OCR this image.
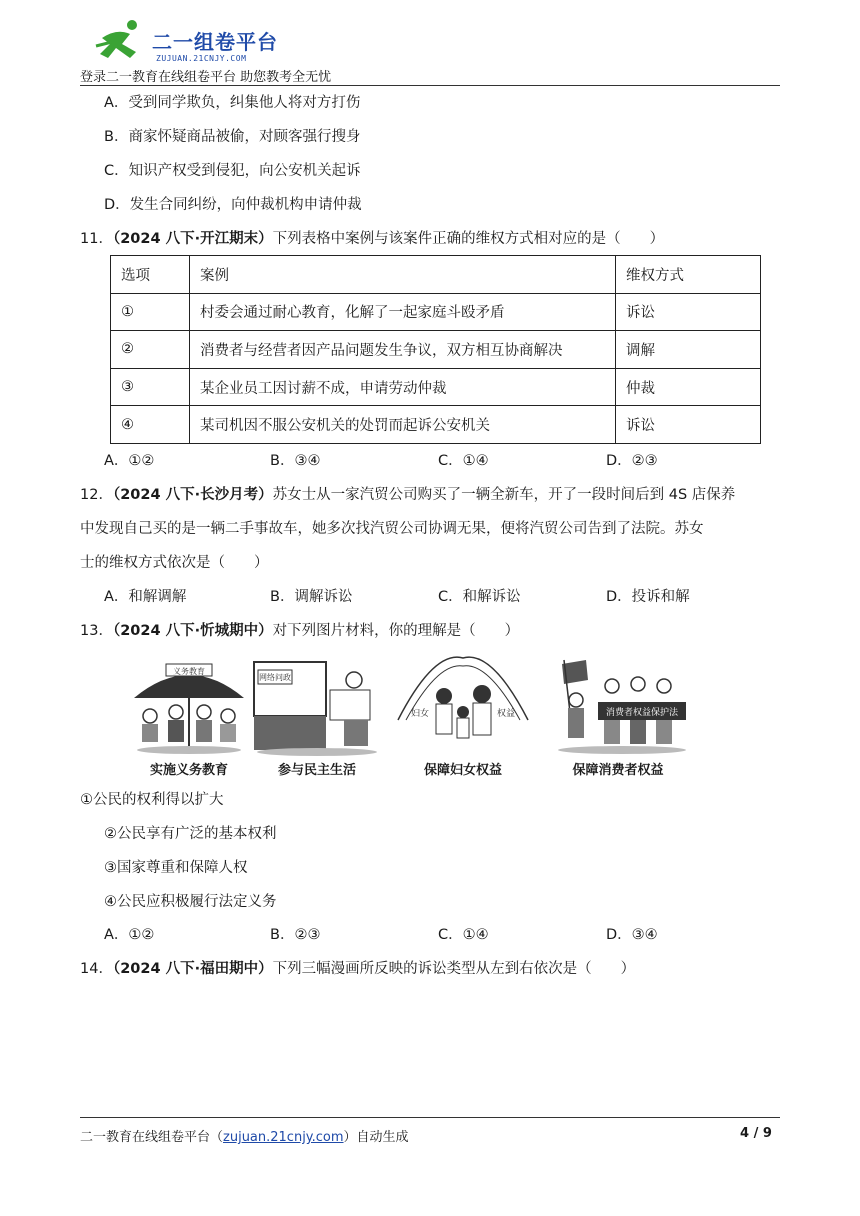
二一组卷平台
ZUJUAN.21CNJY.COM
登录二一教育在线组卷平台 助您教考全无忧
A．受到同学欺负，纠集他人将对方打伤
B．商家怀疑商品被偷，对顾客强行搜身
C．知识产权受到侵犯，向公安机关起诉
D．发生合同纠纷，向仲裁机构申请仲裁
11．（2024 八下·开江期末）下列表格中案例与该案件正确的维权方式相对应的是（　　）
选项	案例	维权方式
①	村委会通过耐心教育，化解了一起家庭斗殴矛盾	诉讼
②	消费者与经营者因产品问题发生争议，双方相互协商解决	调解
③	某企业员工因讨薪不成，申请劳动仲裁	仲裁
④	某司机因不服公安机关的处罚而起诉公安机关	诉讼
A．①②	B．③④	C．①④	D．②③
12．（2024 八下·长沙月考）苏女士从一家汽贸公司购买了一辆全新车，开了一段时间后到 4S 店保养
中发现自己买的是一辆二手事故车，她多次找汽贸公司协调无果，便将汽贸公司告到了法院。苏女
士的维权方式依次是（　　）
A．和解调解	B．调解诉讼	C．和解诉讼	D．投诉和解
13．（2024 八下·忻城期中）对下列图片材料，你的理解是（　　）
义务教育
实施义务教育
网络问政
参与民主生活
妇女	权益
保障妇女权益
消费者权益保护法
保障消费者权益
①公民的权利得以扩大
②公民享有广泛的基本权利
③国家尊重和保障人权
④公民应积极履行法定义务
A．①②	B．②③	C．①④	D．③④
14．（2024 八下·福田期中）下列三幅漫画所反映的诉讼类型从左到右依次是（　　）
二一教育在线组卷平台（zujuan.21cnjy.com）自动生成	4 / 9
